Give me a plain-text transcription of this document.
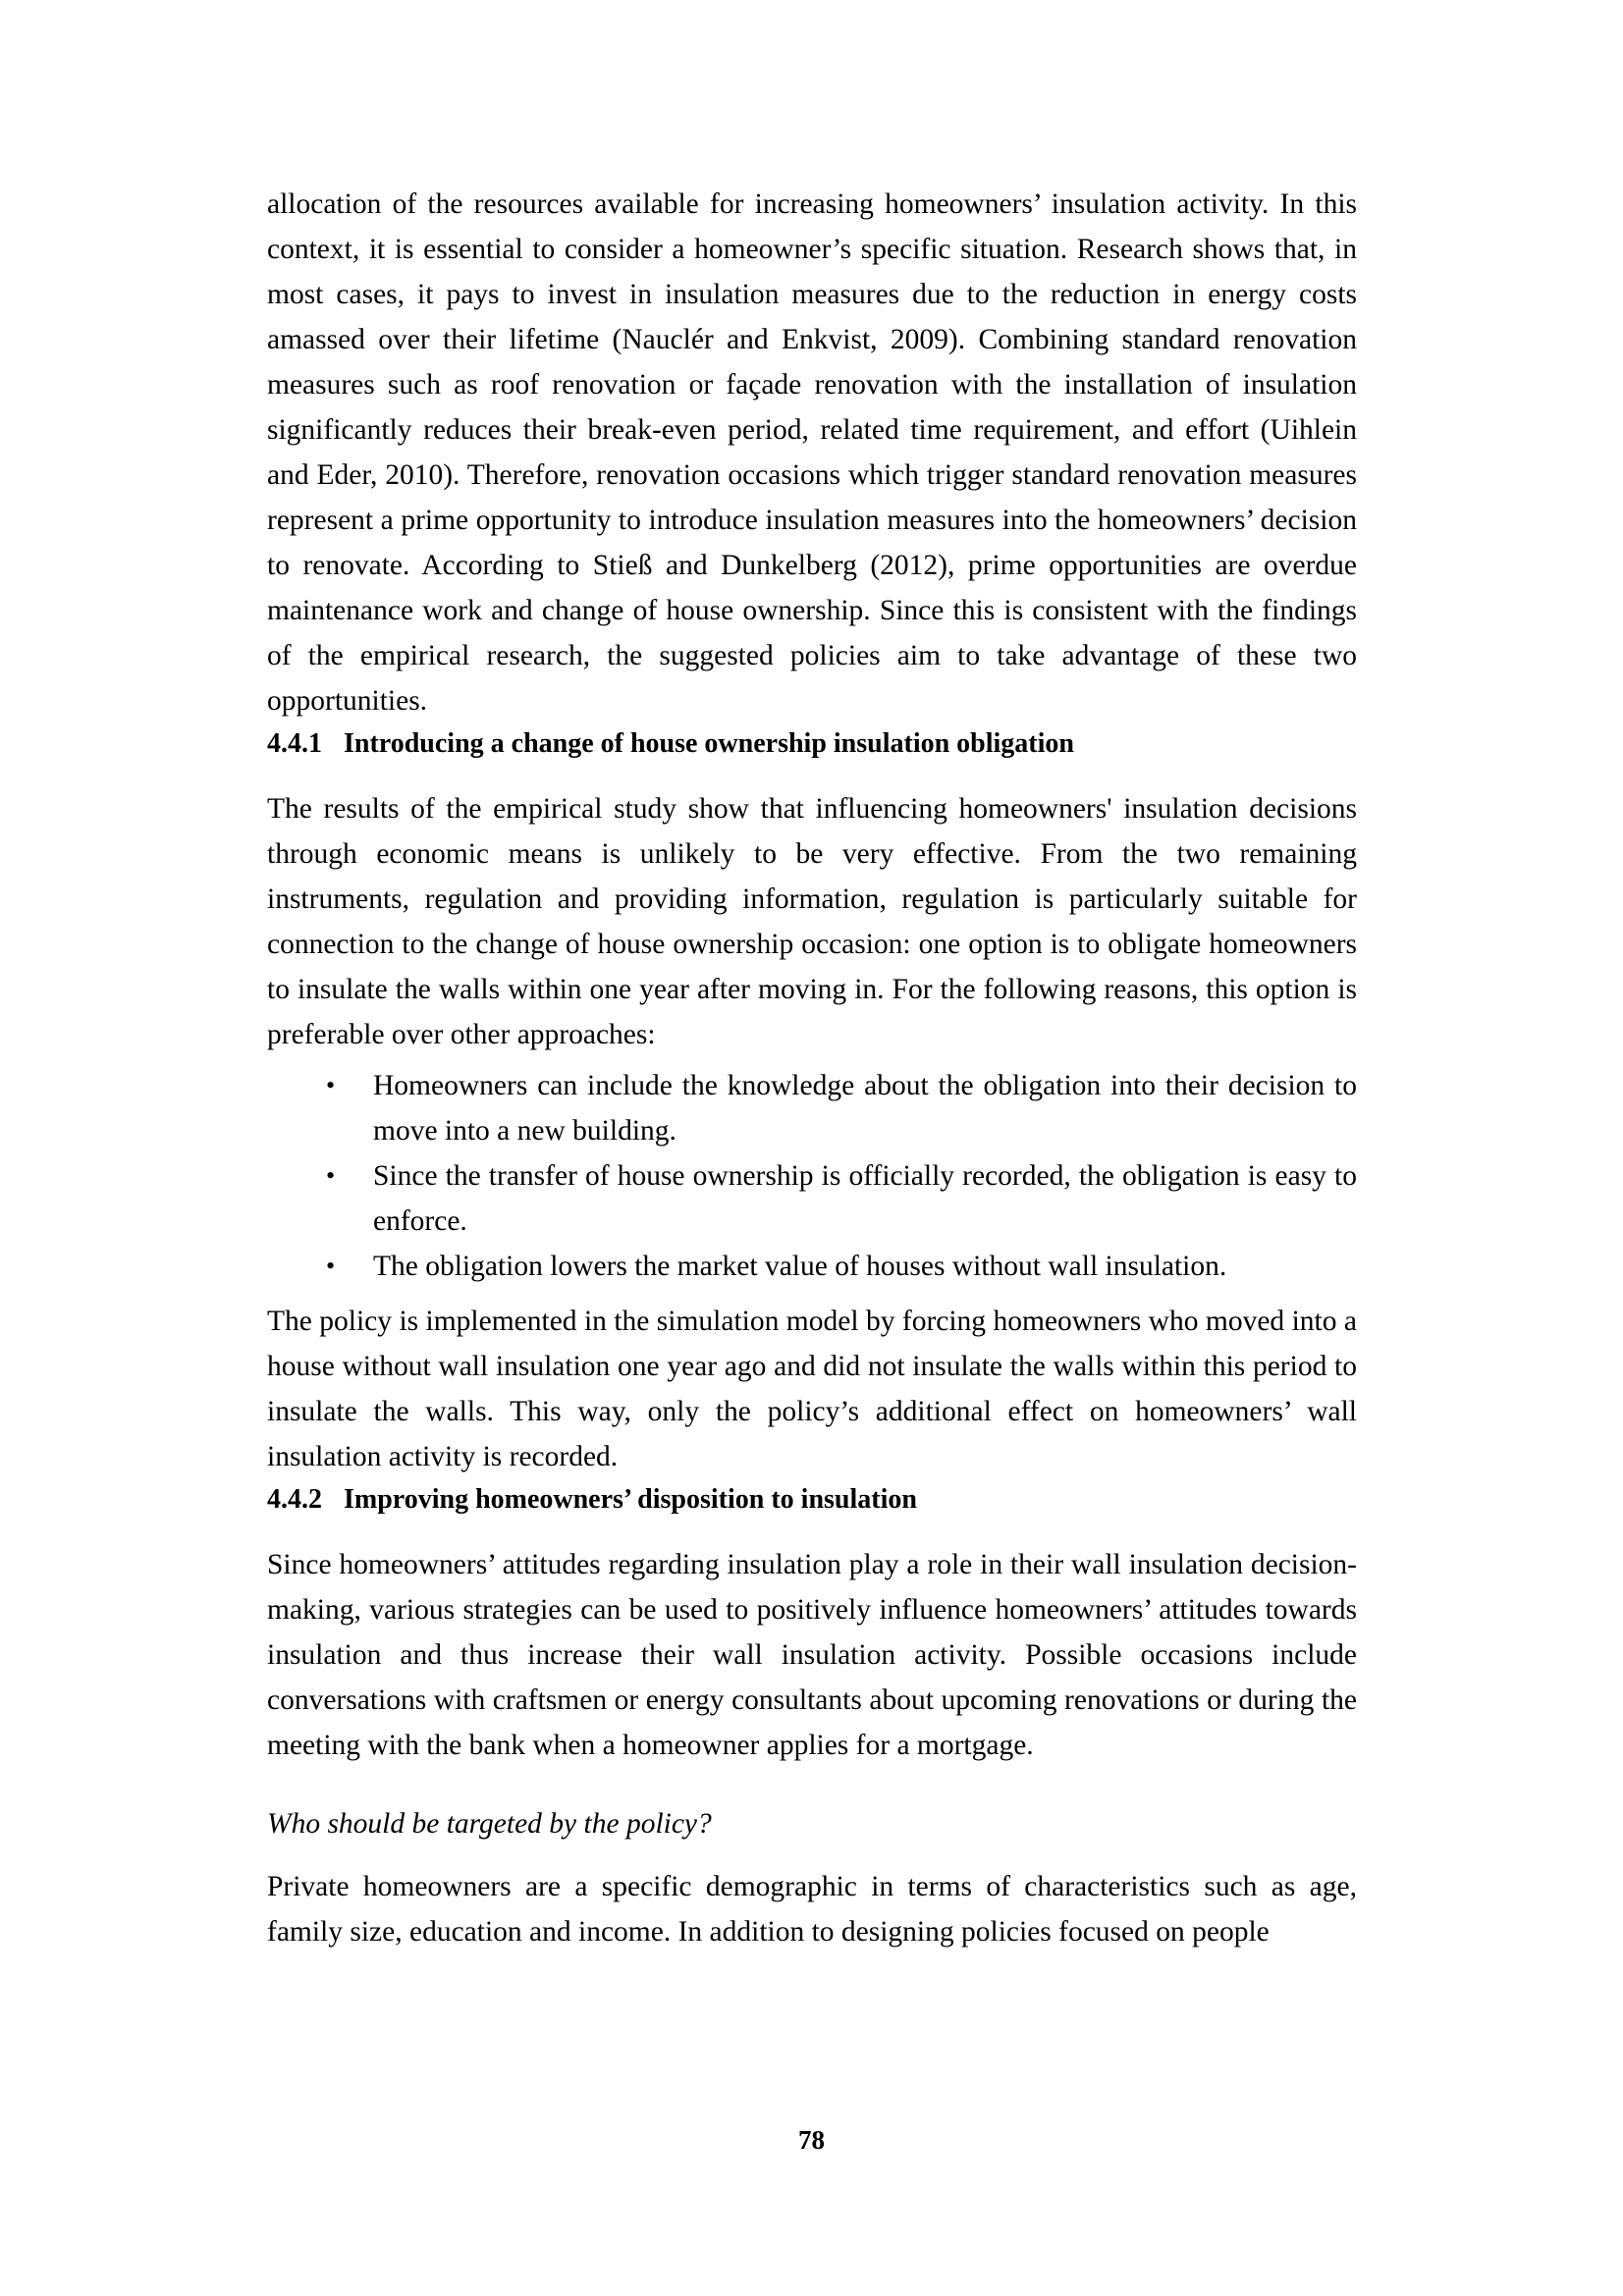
allocation of the resources available for increasing homeowners’ insulation activity. In this context, it is essential to consider a homeowner’s specific situation. Research shows that, in most cases, it pays to invest in insulation measures due to the reduction in energy costs amassed over their lifetime (Nauclér and Enkvist, 2009). Combining standard renovation measures such as roof renovation or façade renovation with the installation of insulation significantly reduces their break-even period, related time requirement, and effort (Uihlein and Eder, 2010). Therefore, renovation occasions which trigger standard renovation measures represent a prime opportunity to introduce insulation measures into the homeowners’ decision to renovate. According to Stieß and Dunkelberg (2012), prime opportunities are overdue maintenance work and change of house ownership. Since this is consistent with the findings of the empirical research, the suggested policies aim to take advantage of these two opportunities.

4.4.1 Introducing a change of house ownership insulation obligation

The results of the empirical study show that influencing homeowners' insulation decisions through economic means is unlikely to be very effective. From the two remaining instruments, regulation and providing information, regulation is particularly suitable for connection to the change of house ownership occasion: one option is to obligate homeowners to insulate the walls within one year after moving in. For the following reasons, this option is preferable over other approaches:

• Homeowners can include the knowledge about the obligation into their decision to move into a new building.
• Since the transfer of house ownership is officially recorded, the obligation is easy to enforce.
• The obligation lowers the market value of houses without wall insulation.

The policy is implemented in the simulation model by forcing homeowners who moved into a house without wall insulation one year ago and did not insulate the walls within this period to insulate the walls. This way, only the policy’s additional effect on homeowners’ wall insulation activity is recorded.

4.4.2 Improving homeowners’ disposition to insulation

Since homeowners’ attitudes regarding insulation play a role in their wall insulation decision-making, various strategies can be used to positively influence homeowners’ attitudes towards insulation and thus increase their wall insulation activity. Possible occasions include conversations with craftsmen or energy consultants about upcoming renovations or during the meeting with the bank when a homeowner applies for a mortgage.

Who should be targeted by the policy?

Private homeowners are a specific demographic in terms of characteristics such as age, family size, education and income. In addition to designing policies focused on people

78
